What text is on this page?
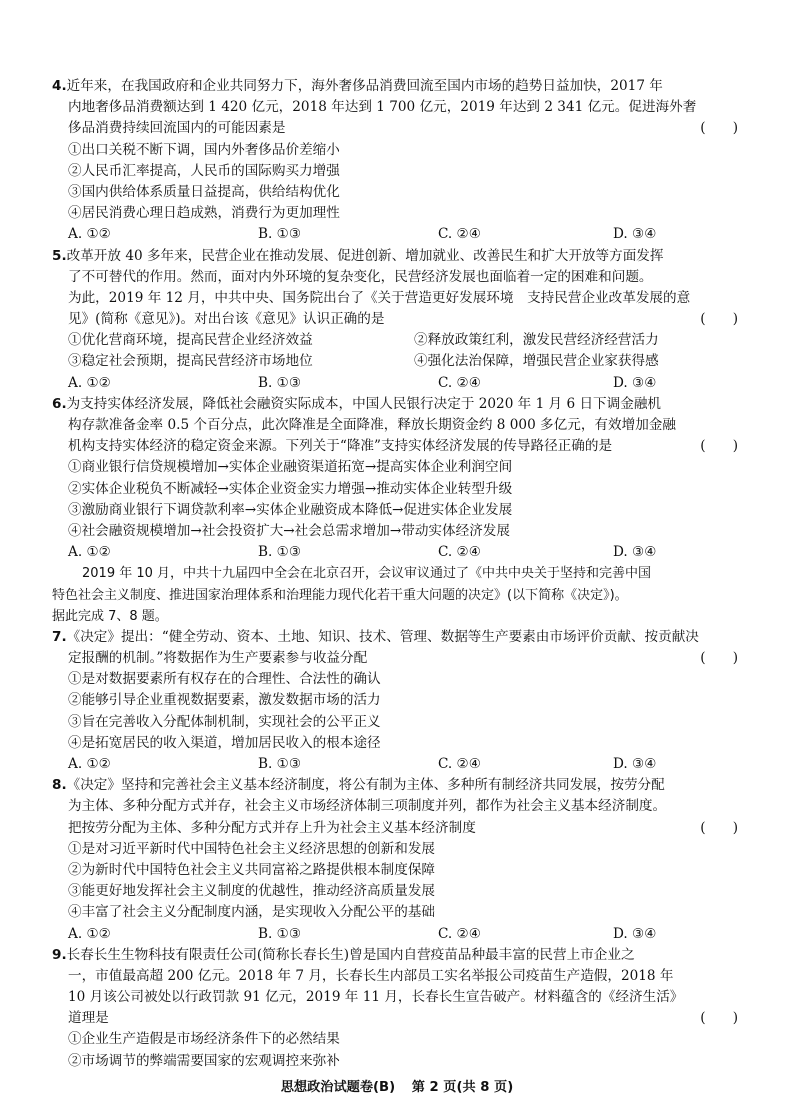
4.近年来，在我国政府和企业共同努力下，海外奢侈品消费回流至国内市场的趋势日益加快，2017 年
内地奢侈品消费额达到 1 420 亿元，2018 年达到 1 700 亿元，2019 年达到 2 341 亿元。促进海外奢
侈品消费持续回流国内的可能因素是	(　　)
①出口关税不断下调，国内外奢侈品价差缩小
②人民币汇率提高，人民币的国际购买力增强
③国内供给体系质量日益提高，供给结构优化
④居民消费心理日趋成熟，消费行为更加理性
A. ①②	B. ①③	C. ②④	D. ③④
5.改革开放 40 多年来，民营企业在推动发展、促进创新、增加就业、改善民生和扩大开放等方面发挥
了不可替代的作用。然而，面对内外环境的复杂变化，民营经济发展也面临着一定的困难和问题。
为此，2019 年 12 月，中共中央、国务院出台了《关于营造更好发展环境　支持民营企业改革发展的意
见》(简称《意见》)。对出台该《意见》认识正确的是	(　　)
①优化营商环境，提高民营企业经济效益	②释放政策红利，激发民营经济经营活力
③稳定社会预期，提高民营经济市场地位	④强化法治保障，增强民营企业家获得感
A. ①②	B. ①③	C. ②④	D. ③④
6.为支持实体经济发展，降低社会融资实际成本，中国人民银行决定于 2020 年 1 月 6 日下调金融机
构存款准备金率 0.5 个百分点，此次降准是全面降准，释放长期资金约 8 000 多亿元，有效增加金融
机构支持实体经济的稳定资金来源。下列关于“降准”支持实体经济发展的传导路径正确的是	(　　)
①商业银行信贷规模增加→实体企业融资渠道拓宽→提高实体企业利润空间
②实体企业税负不断减轻→实体企业资金实力增强→推动实体企业转型升级
③激励商业银行下调贷款利率→实体企业融资成本降低→促进实体企业发展
④社会融资规模增加→社会投资扩大→社会总需求增加→带动实体经济发展
A. ①②	B. ①③	C. ②④	D. ③④
2019 年 10 月，中共十九届四中全会在北京召开，会议审议通过了《中共中央关于坚持和完善中国
特色社会主义制度、推进国家治理体系和治理能力现代化若干重大问题的决定》(以下简称《决定》)。
据此完成 7、8 题。
7.《决定》提出：“健全劳动、资本、土地、知识、技术、管理、数据等生产要素由市场评价贡献、按贡献决
定报酬的机制。”将数据作为生产要素参与收益分配	(　　)
①是对数据要素所有权存在的合理性、合法性的确认
②能够引导企业重视数据要素，激发数据市场的活力
③旨在完善收入分配体制机制，实现社会的公平正义
④是拓宽居民的收入渠道，增加居民收入的根本途径
A. ①②	B. ①③	C. ②④	D. ③④
8.《决定》坚持和完善社会主义基本经济制度，将公有制为主体、多种所有制经济共同发展，按劳分配
为主体、多种分配方式并存，社会主义市场经济体制三项制度并列，都作为社会主义基本经济制度。
把按劳分配为主体、多种分配方式并存上升为社会主义基本经济制度	(　　)
①是对习近平新时代中国特色社会主义经济思想的创新和发展
②为新时代中国特色社会主义共同富裕之路提供根本制度保障
③能更好地发挥社会主义制度的优越性，推动经济高质量发展
④丰富了社会主义分配制度内涵，是实现收入分配公平的基础
A. ①②	B. ①③	C. ②④	D. ③④
9.长春长生生物科技有限责任公司(简称长春长生)曾是国内自营疫苗品种最丰富的民营上市企业之
一，市值最高超 200 亿元。2018 年 7 月，长春长生内部员工实名举报公司疫苗生产造假，2018 年
10 月该公司被处以行政罚款 91 亿元，2019 年 11 月，长春长生宣告破产。材料蕴含的《经济生活》
道理是	(　　)
①企业生产造假是市场经济条件下的必然结果
②市场调节的弊端需要国家的宏观调控来弥补
思想政治试题卷(B) 第 2 页(共 8 页)
